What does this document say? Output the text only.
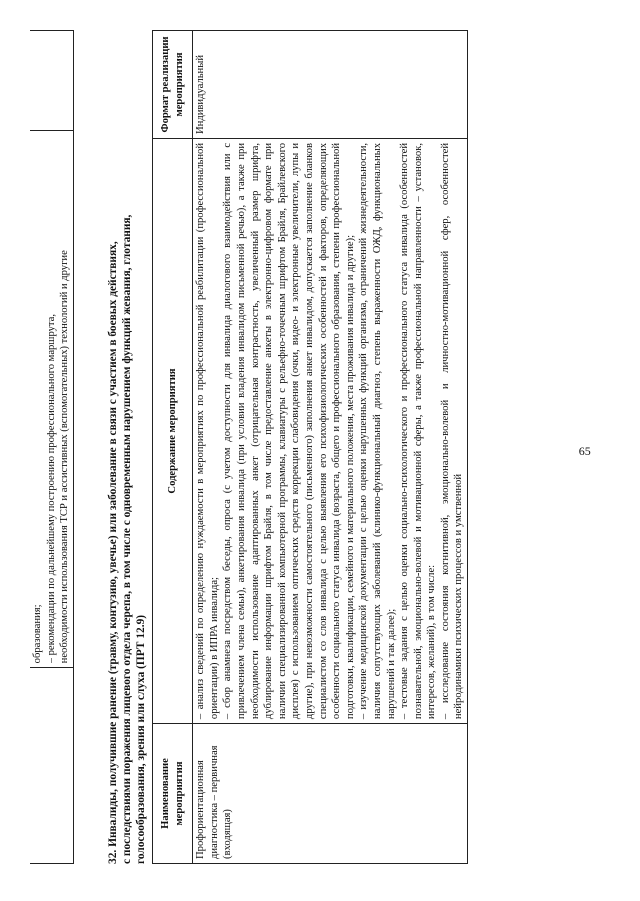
образования; – рекомендации по дальнейшему построению профессионального маршрута, необходимости использования ТСР и ассистивных (вспомогательных) технологий и другие
		32. Инвалиды, получившие ранение (травму, контузию, увечье) или заболевание в связи с участием в боевых действиях, с последствиями поражения лицевого отдела черепа, в том числе с одновременным нарушением функций жевания, глотания, голосообразования, зрения или слуха (ПРТ 12.9) Наименование мероприятия	Содержание мероприятия	Формат реализации мероприятия
Профориентационная диагностика – первичная (входящая)	– анализ сведений по определению нуждаемости в мероприятиях по профессиональной реабилитации (профессиональной ориентации) в ИПРА инвалида; – сбор анамнеза посредством беседы, опроса (с учетом доступности для инвалида диалогового взаимодействия или с привлечением члена семьи), анкетирования инвалида (при условии владения инвалидом письменной речью), а также при необходимости использование адаптированных анкет (отрицательная контрастность, увеличенный размер шрифта, дублирование информации шрифтом Брайля, в том числе предоставление анкеты в электронно-цифровом формате при наличии специализированной компьютерной программы, клавиатуры с рельефно-точечным шрифтом Брайля, Брайлевского дисплея) с использованием оптических средств коррекции слабовидения (очки, видео- и электронные увеличители, лупы и другие), при невозможности самостоятельного (письменного) заполнения анкет инвалидом, допускается заполнение бланков специалистом со слов инвалида с целью выявления его психофизиологических особенностей и факторов, определяющих особенности социального статуса инвалида (возраста, общего и профессионального образования, степени профессиональной подготовки, квалификации, семейного и материального положения, места проживания инвалида и другие); – изучение медицинской документации с целью оценки нарушенных функций организма, ограничений жизнедеятельности, наличия сопутствующих заболеваний (клинико-функциональный диагноз, степень выраженности ОЖД, функциональных нарушений и так далее); – тестовые задания с целью оценки социально-психологического и профессионального статуса инвалида (особенностей познавательной, эмоционально-волевой и мотивационной сферы, а также профессиональной направленности – установок, интересов, желаний), в том числе: – исследование состояния когнитивной, эмоционально-волевой и личностно-мотивационной сфер, особенностей нейродинамики психических процессов и умственной	Индивидуальный
65
